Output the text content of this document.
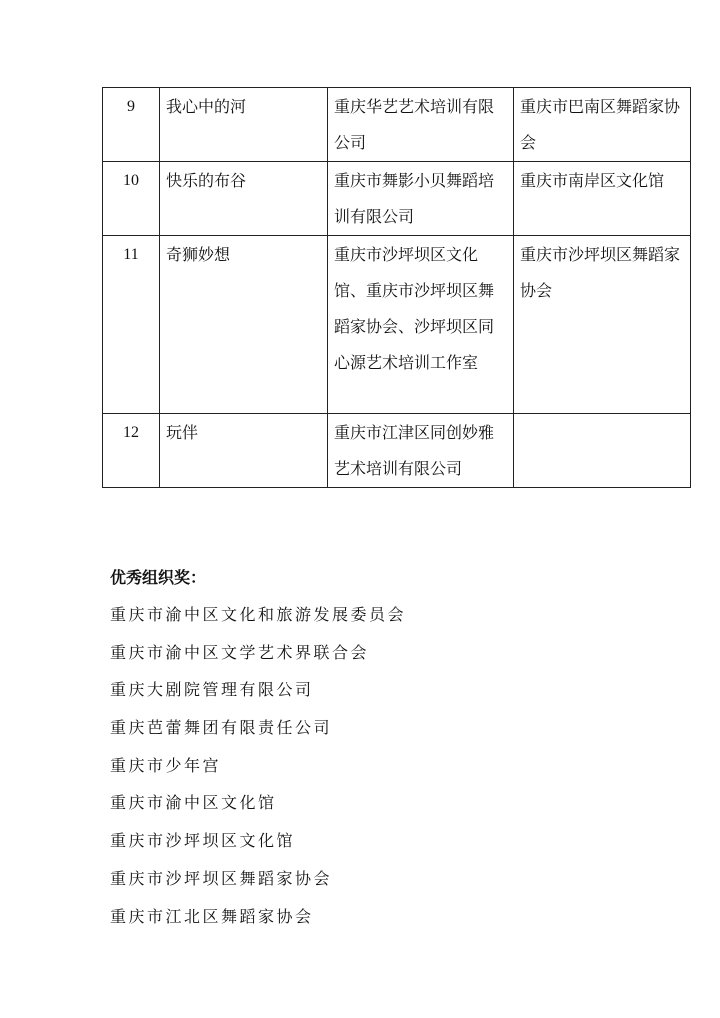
9	我心中的河	重庆华艺艺术培训有限公司	重庆市巴南区舞蹈家协会
10	快乐的布谷	重庆市舞影小贝舞蹈培训有限公司	重庆市南岸区文化馆
11	奇狮妙想	重庆市沙坪坝区文化馆、重庆市沙坪坝区舞蹈家协会、沙坪坝区同心源艺术培训工作室	重庆市沙坪坝区舞蹈家协会
12	玩伴	重庆市江津区同创妙雅艺术培训有限公司	
优秀组织奖：
重庆市渝中区文化和旅游发展委员会
重庆市渝中区文学艺术界联合会
重庆大剧院管理有限公司
重庆芭蕾舞团有限责任公司
重庆市少年宫
重庆市渝中区文化馆
重庆市沙坪坝区文化馆
重庆市沙坪坝区舞蹈家协会
重庆市江北区舞蹈家协会
